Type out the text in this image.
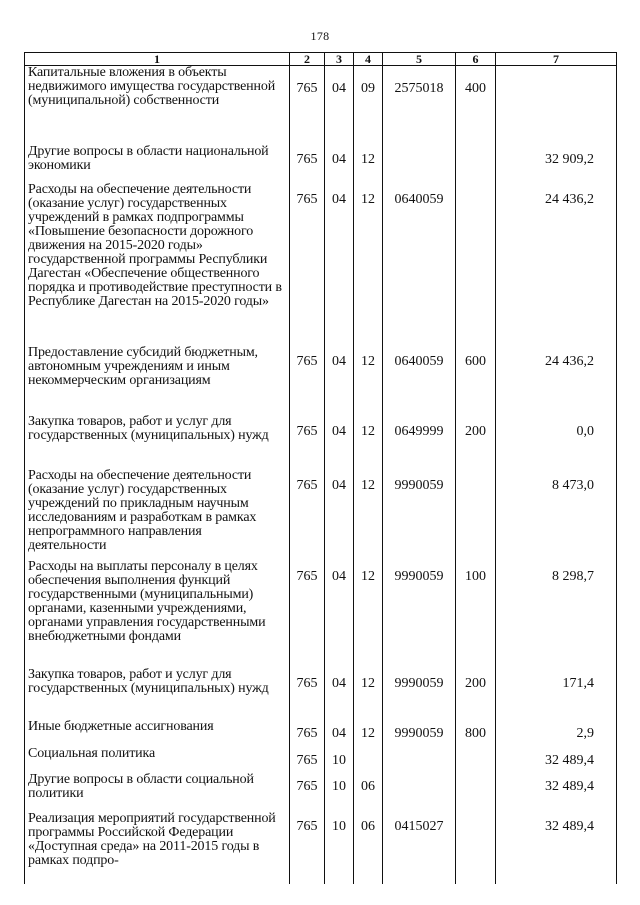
178
1	2	3	4	5	6	7
Капитальные вложения в объекты недвижимого имущества государственной (муниципальной) собственности	765	04	09	2575018	400	
Другие вопросы в области национальной экономики	765	04	12			32 909,2
Расходы на обеспечение деятельности (оказание услуг) государственных учреждений в рамках подпрограммы «Повышение безопасности дорожного движения на 2015-2020 годы» государственной программы Республики Дагестан «Обеспечение общественного порядка и противодействие преступности в Республике Дагестан на 2015-2020 годы»	765	04	12	0640059		24 436,2
Предоставление субсидий бюджетным, автономным учреждениям и иным некоммерческим организациям	765	04	12	0640059	600	24 436,2
Закупка товаров, работ и услуг для государственных (муниципальных) нужд	765	04	12	0649999	200	0,0
Расходы на обеспечение деятельности (оказание услуг) государственных учреждений по прикладным научным исследованиям и разработкам в рамках непрограммного направления деятельности	765	04	12	9990059		8 473,0
Расходы на выплаты персоналу в целях обеспечения выполнения функций государственными (муниципальными) органами, казенными учреждениями, органами управления государственными внебюджетными фондами	765	04	12	9990059	100	8 298,7
Закупка товаров, работ и услуг для государственных (муниципальных) нужд	765	04	12	9990059	200	171,4
Иные бюджетные ассигнования	765	04	12	9990059	800	2,9
Социальная политика	765	10				32 489,4
Другие вопросы в области социальной политики	765	10	06			32 489,4
Реализация мероприятий государственной программы Российской Федерации «Доступная среда» на 2011-2015 годы в рамках подпро-	765	10	06	0415027		32 489,4
